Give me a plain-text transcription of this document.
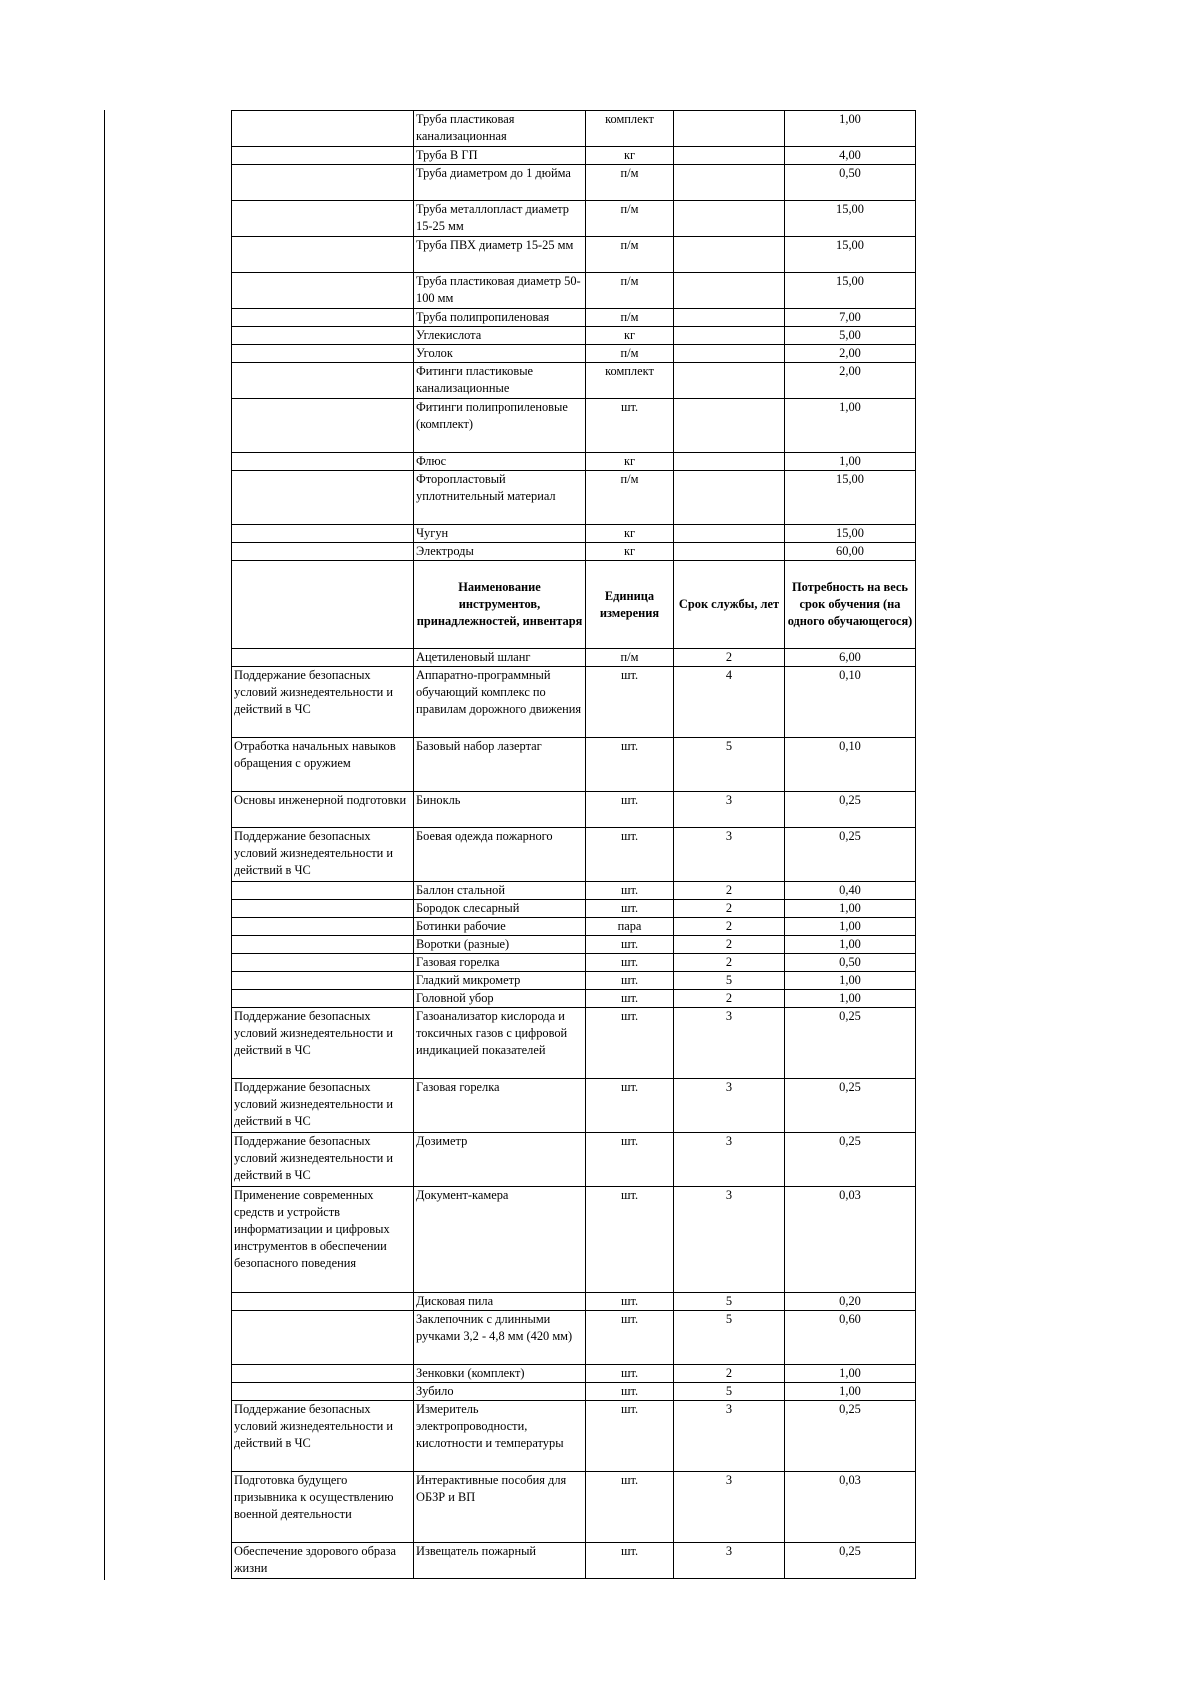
	Труба пластиковая канализационная	комплект		1,00
	Труба В ГП	кг		4,00
	Труба диаметром до 1 дюйма	п/м		0,50
	Труба металлопласт диаметр 15-25 мм	п/м		15,00
	Труба ПВХ диаметр 15-25 мм	п/м		15,00
	Труба пластиковая диаметр 50-100 мм	п/м		15,00
	Труба полипропиленовая	п/м		7,00
	Углекислота	кг		5,00
	Уголок	п/м		2,00
	Фитинги пластиковые канализационные	комплект		2,00
	Фитинги полипропиленовые (комплект)	шт.		1,00
	Флюс	кг		1,00
	Фторопластовый уплотнительный материал	п/м		15,00
	Чугун	кг		15,00
	Электроды	кг		60,00
	Наименование инструментов, принадлежностей, инвентаря	Единица измерения	Срок службы, лет	Потребность на весь срок обучения (на одного обучающегося)
	Ацетиленовый шланг	п/м	2	6,00
Поддержание безопасных условий жизнедеятельности и действий в ЧС	Аппаратно-программный обучающий комплекс по правилам дорожного движения	шт.	4	0,10
Отработка начальных навыков обращения с оружием	Базовый набор лазертаг	шт.	5	0,10
Основы инженерной подготовки	Бинокль	шт.	3	0,25
Поддержание безопасных условий жизнедеятельности и действий в ЧС	Боевая одежда пожарного	шт.	3	0,25
	Баллон стальной	шт.	2	0,40
	Бородок слесарный	шт.	2	1,00
	Ботинки рабочие	пара	2	1,00
	Воротки (разные)	шт.	2	1,00
	Газовая горелка	шт.	2	0,50
	Гладкий микрометр	шт.	5	1,00
	Головной убор	шт.	2	1,00
Поддержание безопасных условий жизнедеятельности и действий в ЧС	Газоанализатор кислорода и токсичных газов с цифровой индикацией показателей	шт.	3	0,25
Поддержание безопасных условий жизнедеятельности и действий в ЧС	Газовая горелка	шт.	3	0,25
Поддержание безопасных условий жизнедеятельности и действий в ЧС	Дозиметр	шт.	3	0,25
Применение современных средств и устройств информатизации и цифровых инструментов в обеспечении безопасного поведения	Документ-камера	шт.	3	0,03
	Дисковая пила	шт.	5	0,20
	Заклепочник с длинными ручками 3,2 - 4,8 мм (420 мм)	шт.	5	0,60
	Зенковки (комплект)	шт.	2	1,00
	Зубило	шт.	5	1,00
Поддержание безопасных условий жизнедеятельности и действий в ЧС	Измеритель электропроводности, кислотности и температуры	шт.	3	0,25
Подготовка будущего призывника к осуществлению военной деятельности	Интерактивные пособия для ОБЗР и ВП	шт.	3	0,03
Обеспечение здорового образа жизни	Извещатель пожарный	шт.	3	0,25
